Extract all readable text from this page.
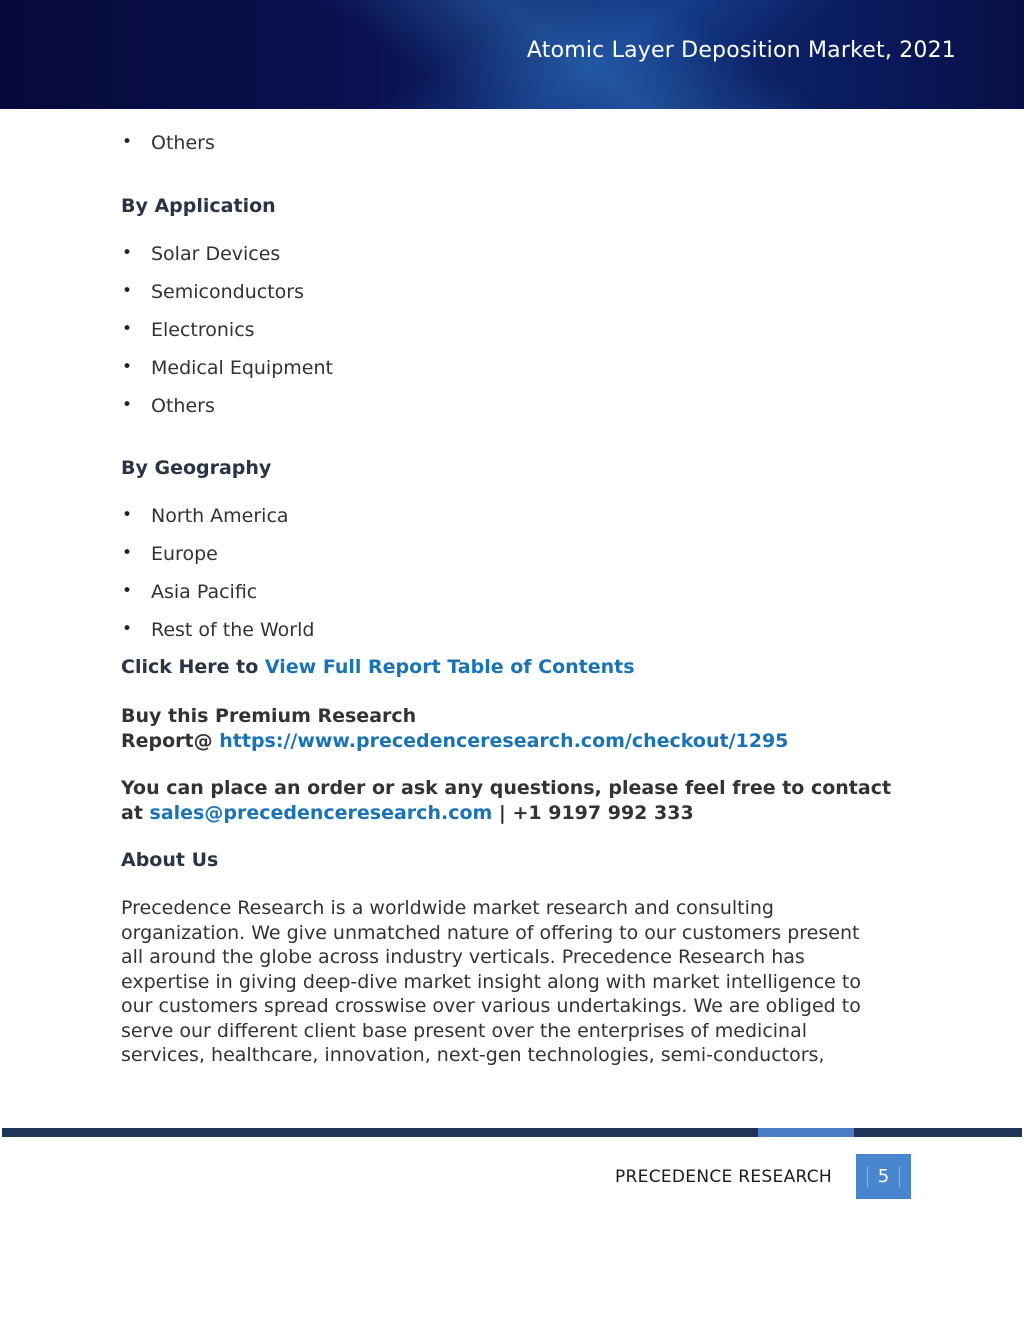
Atomic Layer Deposition Market, 2021
• Others
By Application
• Solar Devices
• Semiconductors
• Electronics
• Medical Equipment
• Others
By Geography
• North America
• Europe
• Asia Pacific
• Rest of the World
Click Here to View Full Report Table of Contents
Buy this Premium Research
Report@ https://www.precedenceresearch.com/checkout/1295
You can place an order or ask any questions, please feel free to contact
at sales@precedenceresearch.com | +1 9197 992 333
About Us
Precedence Research is a worldwide market research and consulting
organization. We give unmatched nature of offering to our customers present
all around the globe across industry verticals. Precedence Research has
expertise in giving deep-dive market insight along with market intelligence to
our customers spread crosswise over various undertakings. We are obliged to
serve our different client base present over the enterprises of medicinal
services, healthcare, innovation, next-gen technologies, semi-conductors,
PRECEDENCE RESEARCH	5
